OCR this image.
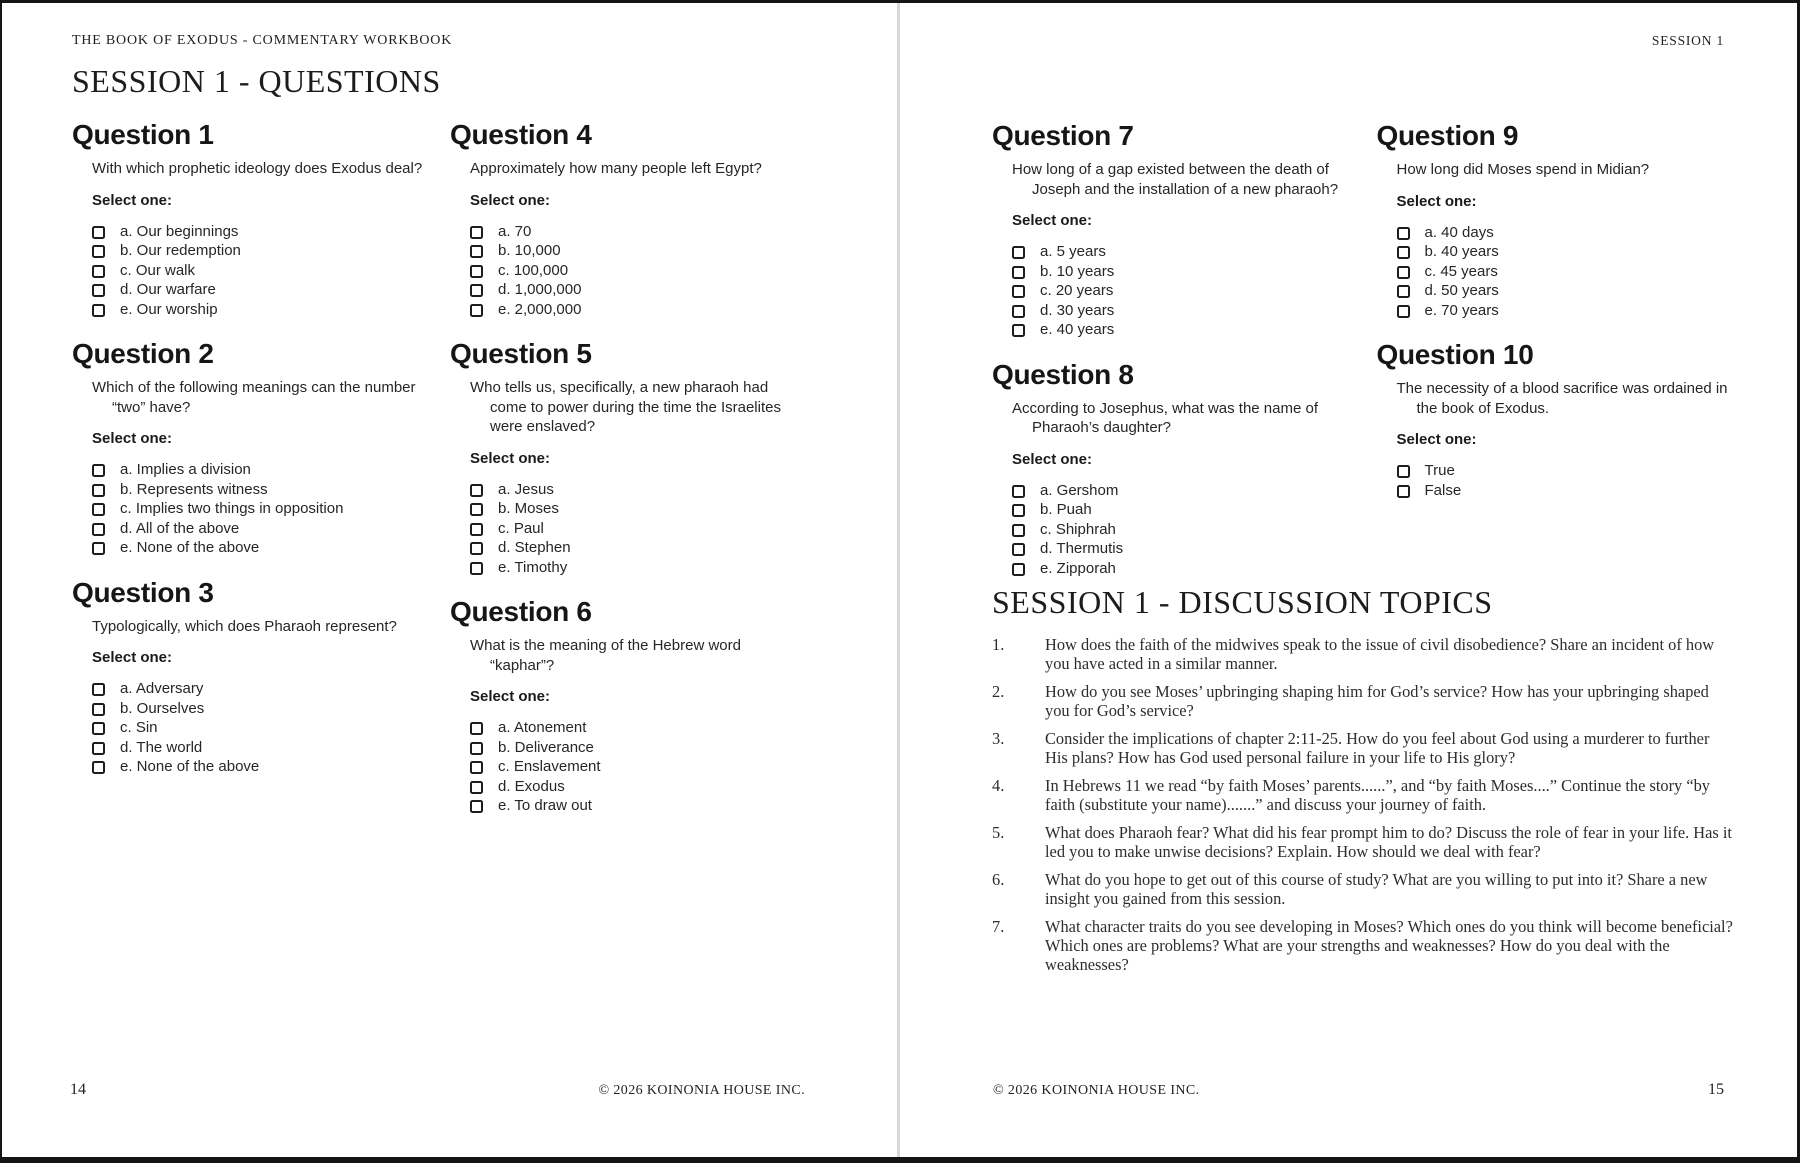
THE BOOK OF EXODUS - COMMENTARY WORKBOOK
SESSION 1 - QUESTIONS
Question 1

With which prophetic ideology does Exodus deal?

Select one:

a. Our beginnings
b. Our redemption
c. Our walk
d. Our warfare
e. Our worship
Question 2

Which of the following meanings can the number “two” have?

Select one:

a. Implies a division
b. Represents witness
c. Implies two things in opposition
d. All of the above
e. None of the above
Question 3

Typologically, which does Pharaoh represent?

Select one:

a. Adversary
b. Ourselves
c. Sin
d. The world
e. None of the above
Question 4

Approximately how many people left Egypt?

Select one:

a. 70
b. 10,000
c. 100,000
d. 1,000,000
e. 2,000,000
Question 5

Who tells us, specifically, a new pharaoh had come to power during the time the Israelites were enslaved?

Select one:

a. Jesus
b. Moses
c. Paul
d. Stephen
e. Timothy
Question 6

What is the meaning of the Hebrew word “kaphar”?

Select one:

a. Atonement
b. Deliverance
c. Enslavement
d. Exodus
e. To draw out
14	© 2026 KOINONIA HOUSE INC.
SESSION 1
Question 7

How long of a gap existed between the death of Joseph and the installation of a new pharaoh?

Select one:

a. 5 years
b. 10 years
c. 20 years
d. 30 years
e. 40 years
Question 8

According to Josephus, what was the name of Pharaoh’s daughter?

Select one:

a. Gershom
b. Puah
c. Shiphrah
d. Thermutis
e. Zipporah
Question 9

How long did Moses spend in Midian?

Select one:

a. 40 days
b. 40 years
c. 45 years
d. 50 years
e. 70 years
Question 10

The necessity of a blood sacrifice was ordained in the book of Exodus.

Select one:

True
False
SESSION 1 - DISCUSSION TOPICS
1.	How does the faith of the midwives speak to the issue of civil disobedience? Share an incident of how you have acted in a similar manner.
2.	How do you see Moses’ upbringing shaping him for God’s service? How has your upbringing shaped you for God’s service?
3.	Consider the implications of chapter 2:11-25. How do you feel about God using a murderer to further His plans? How has God used personal failure in your life to His glory?
4.	In Hebrews 11 we read “by faith Moses’ parents......”, and “by faith Moses....” Continue the story “by faith (substitute your name).......” and discuss your journey of faith.
5.	What does Pharaoh fear? What did his fear prompt him to do? Discuss the role of fear in your life. Has it led you to make unwise decisions? Explain. How should we deal with fear?
6.	What do you hope to get out of this course of study? What are you willing to put into it? Share a new insight you gained from this session.
7.	What character traits do you see developing in Moses? Which ones do you think will become beneficial? Which ones are problems? What are your strengths and weaknesses? How do you deal with the weaknesses?
15
© 2026 KOINONIA HOUSE INC.
